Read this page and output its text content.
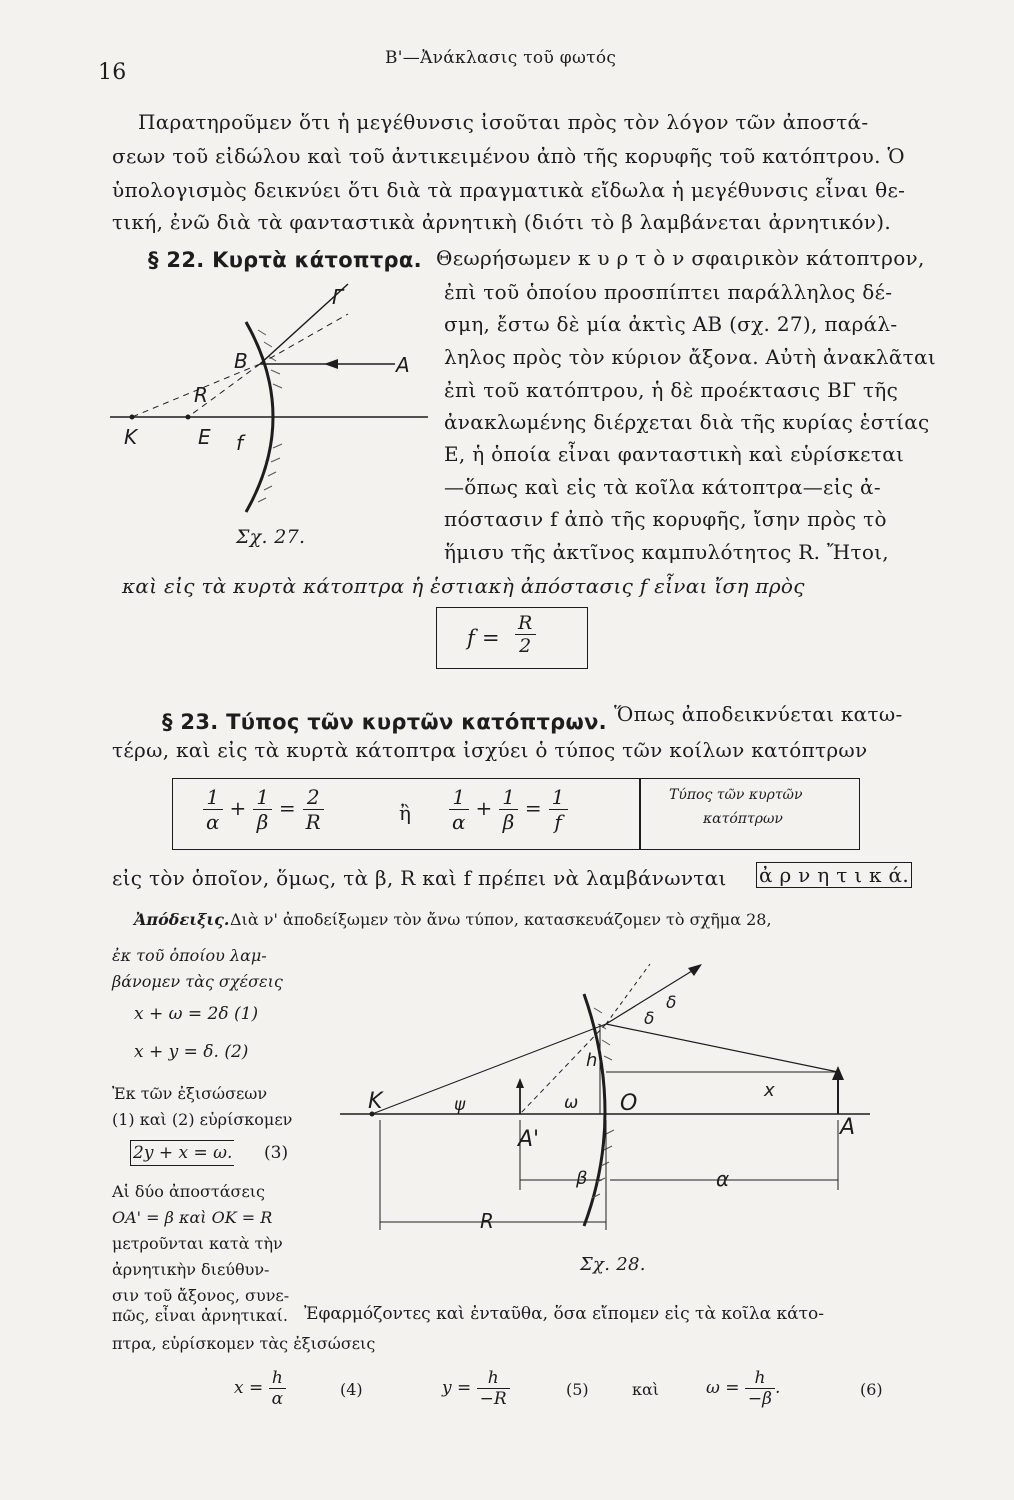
16
Β'—Ἀνάκλασις τοῦ φωτός
Παρατηροῦμεν ὅτι ἡ μεγέθυνσις ἰσοῦται πρὸς τὸν λόγον τῶν ἀποστά-
σεων τοῦ εἰδώλου καὶ τοῦ ἀντικειμένου ἀπὸ τῆς κορυφῆς τοῦ κατόπτρου. Ὁ
ὑπολογισμὸς δεικνύει ὅτι διὰ τὰ πραγματικὰ εἴδωλα ἡ μεγέθυνσις εἶναι θε-
τική, ἐνῶ διὰ τὰ φανταστικὰ ἀρνητικὴ (διότι τὸ β λαμβάνεται ἀρνητικόν).
§ 22. Κυρτὰ κάτοπτρα. Θεωρήσωμεν κ υ ρ τ ὸ ν σφαιρικὸν κάτοπτρον,
ἐπὶ τοῦ ὁποίου προσπίπτει παράλληλος δέ-
σμη, ἔστω δὲ μία ἀκτὶς ΑΒ (σχ. 27), παράλ-
ληλος πρὸς τὸν κύριον ἄξονα. Αὐτὴ ἀνακλᾶται
ἐπὶ τοῦ κατόπτρου, ἡ δὲ προέκτασις ΒΓ τῆς
ἀνακλωμένης διέρχεται διὰ τῆς κυρίας ἑστίας
Ε, ἡ ὁποία εἶναι φανταστικὴ καὶ εὑρίσκεται
—ὅπως καὶ εἰς τὰ κοῖλα κάτοπτρα—εἰς ἀ-
πόστασιν f ἀπὸ τῆς κορυφῆς, ἴσην πρὸς τὸ
ἥμισυ τῆς ἀκτῖνος καμπυλότητος R. Ἤτοι,
καὶ εἰς τὰ κυρτὰ κάτοπτρα ἡ ἑστιακὴ ἀπόστασις f εἶναι ἴση πρὸς
Γ
B	A
R
K	E f
Σχ. 27.
$f = \frac{R}{2}$
§ 23. Τύπος τῶν κυρτῶν κατόπτρων. Ὅπως ἀποδεικνύεται κατω-
τέρω, καὶ εἰς τὰ κυρτὰ κάτοπτρα ἰσχύει ὁ τύπος τῶν κοίλων κατόπτρων
$\frac{1}{\alpha} + \frac{1}{\beta} = \frac{2}{R}$	ἢ $\frac{1}{\alpha} + \frac{1}{\beta} = \frac{1}{f}$	Τύπος τῶν κυρτῶν
κατόπτρων
εἰς τὸν ὁποῖον, ὅμως, τὰ β, R καὶ f πρέπει νὰ λαμβάνωνται ἀ ρ ν η τ ι κ ά.
Ἀπόδειξις. Διὰ ν' ἀποδείξωμεν τὸν ἄνω τύπον, κατασκευάζομεν τὸ σχῆμα 28,
ἐκ τοῦ ὁποίου λαμ-
βάνομεν τὰς σχέσεις
x + ω = 2δ (1)
x + y = δ. (2)
Ἐκ τῶν ἐξισώσεων
(1) καὶ (2) εὑρίσκομεν
2y + x = ω. (3)
Αἱ δύο ἀποστάσεις
OA' = β καὶ OK = R
μετροῦνται κατὰ τὴν
ἀρνητικὴν διεύθυν-
σιν τοῦ ἄξονος, συνε-
πῶς, εἶναι ἀρνητικαί. Ἐφαρμόζοντες καὶ ἐνταῦθα, ὅσα εἴπομεν εἰς τὰ κοῖλα κάτο-
πτρα, εὑρίσκομεν τὰς ἐξισώσεις
$x = \frac{h}{\alpha}$	(4)	$y = \frac{h}{-R}$	(5)	καὶ	$\omega = \frac{h}{-\beta}$ .	(6)
K
A'
O
A
x
h
ψ	ω
δ
δ
β	α
R
Σχ. 28.
